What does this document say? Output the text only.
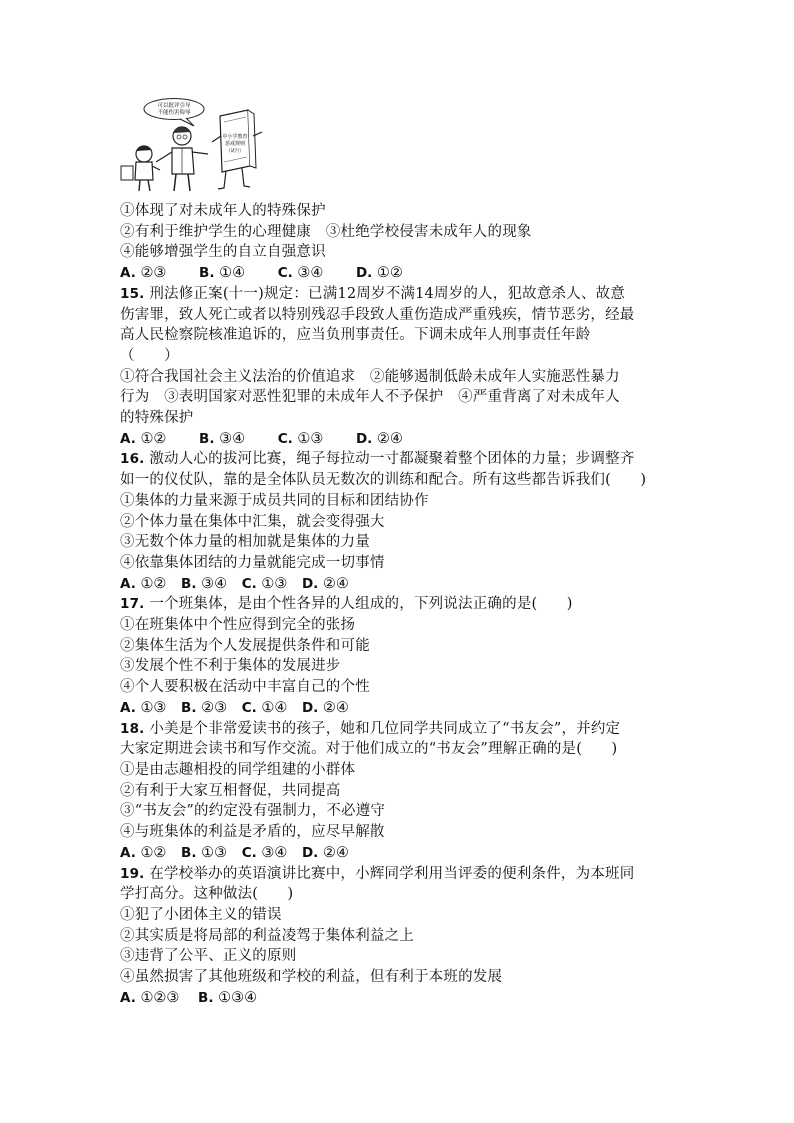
可以批评引导
不能伤害侮辱
中小学教育
惩戒规则
（试行）
①体现了对未成年人的特殊保护
②有利于维护学生的心理健康　③杜绝学校侵害未成年人的现象
④能够增强学生的自立自强意识
A. ②③ B. ①④ C. ③④ D. ①②
15. 刑法修正案(十一)规定：已满12周岁不满14周岁的人，犯故意杀人、故意
伤害罪，致人死亡或者以特别残忍手段致人重伤造成严重残疾，情节恶劣，经最
高人民检察院核准追诉的，应当负刑事责任。下调未成年人刑事责任年龄
（　　）
①符合我国社会主义法治的价值追求　②能够遏制低龄未成年人实施恶性暴力
行为　③表明国家对恶性犯罪的未成年人不予保护　④严重背离了对未成年人
的特殊保护
A. ①② B. ③④ C. ①③ D. ②④
16. 激动人心的拔河比赛，绳子每拉动一寸都凝聚着整个团体的力量；步调整齐
如一的仪仗队，靠的是全体队员无数次的训练和配合。所有这些都告诉我们(　　)
①集体的力量来源于成员共同的目标和团结协作
②个体力量在集体中汇集，就会变得强大
③无数个体力量的相加就是集体的力量
④依靠集体团结的力量就能完成一切事情
A. ①② B. ③④ C. ①③ D. ②④
17. 一个班集体，是由个性各异的人组成的，下列说法正确的是(　　)
①在班集体中个性应得到完全的张扬
②集体生活为个人发展提供条件和可能
③发展个性不利于集体的发展进步
④个人要积极在活动中丰富自己的个性
A. ①③ B. ②③ C. ①④ D. ②④
18. 小美是个非常爱读书的孩子，她和几位同学共同成立了“书友会”，并约定
大家定期进会读书和写作交流。对于他们成立的“书友会”理解正确的是(　　)
①是由志趣相投的同学组建的小群体
②有利于大家互相督促，共同提高
③“书友会”的约定没有强制力，不必遵守
④与班集体的利益是矛盾的，应尽早解散
A. ①② B. ①③ C. ③④ D. ②④
19. 在学校举办的英语演讲比赛中，小辉同学利用当评委的便利条件，为本班同
学打高分。这种做法(　　)
①犯了小团体主义的错误
②其实质是将局部的利益凌驾于集体利益之上
③违背了公平、正义的原则
④虽然损害了其他班级和学校的利益，但有利于本班的发展
A. ①②③ B. ①③④
